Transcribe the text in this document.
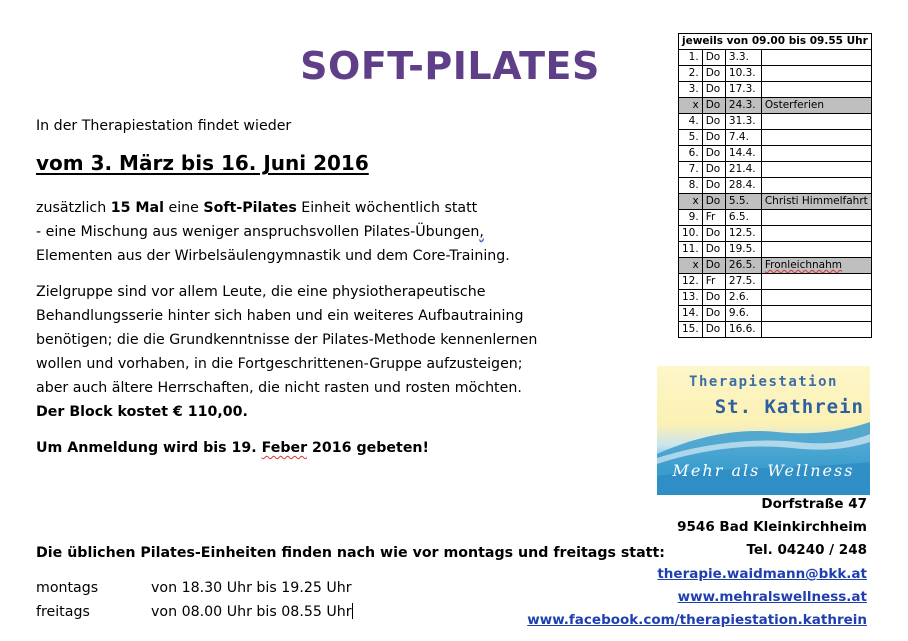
SOFT-PILATES
In der Therapiestation findet wieder
vom 3. März bis 16. Juni 2016
zusätzlich 15 Mal eine Soft-Pilates Einheit wöchentlich statt
- eine Mischung aus weniger anspruchsvollen Pilates-Übungen,
Elementen aus der Wirbelsäulengymnastik und dem Core-Training.
Zielgruppe sind vor allem Leute, die eine physiotherapeutische
Behandlungsserie hinter sich haben und ein weiteres Aufbautraining
benötigen; die die Grundkenntnisse der Pilates-Methode kennenlernen
wollen und vorhaben, in die Fortgeschrittenen-Gruppe aufzusteigen;
aber auch ältere Herrschaften, die nicht rasten und rosten möchten.
Der Block kostet € 110,00.
Um Anmeldung wird bis 19. Feber 2016 gebeten!
Die üblichen Pilates-Einheiten finden nach wie vor montags und freitags statt:
montags	von 18.30 Uhr bis 19.25 Uhr
freitags	von 08.00 Uhr bis 08.55 Uhr
jeweils von 09.00 bis 09.55 Uhr			
1.	Do	3.3.	
2.	Do	10.3.	
3.	Do	17.3.	
x	Do	24.3.	Osterferien
4.	Do	31.3.	
5.	Do	7.4.	
6.	Do	14.4.	
7.	Do	21.4.	
8.	Do	28.4.	
x	Do	5.5.	Christi Himmelfahrt
9.	Fr	6.5.	
10.	Do	12.5.	
11.	Do	19.5.	
x	Do	26.5.	Fronleichnahm
12.	Fr	27.5.	
13.	Do	2.6.	
14.	Do	9.6.	
15.	Do	16.6.	
Therapiestation
St. Kathrein
Mehr als Wellness
Dorfstraße 47
9546 Bad Kleinkirchheim
Tel. 04240 / 248
therapie.waidmann@bkk.at
www.mehralswellness.at
www.facebook.com/therapiestation.kathrein
